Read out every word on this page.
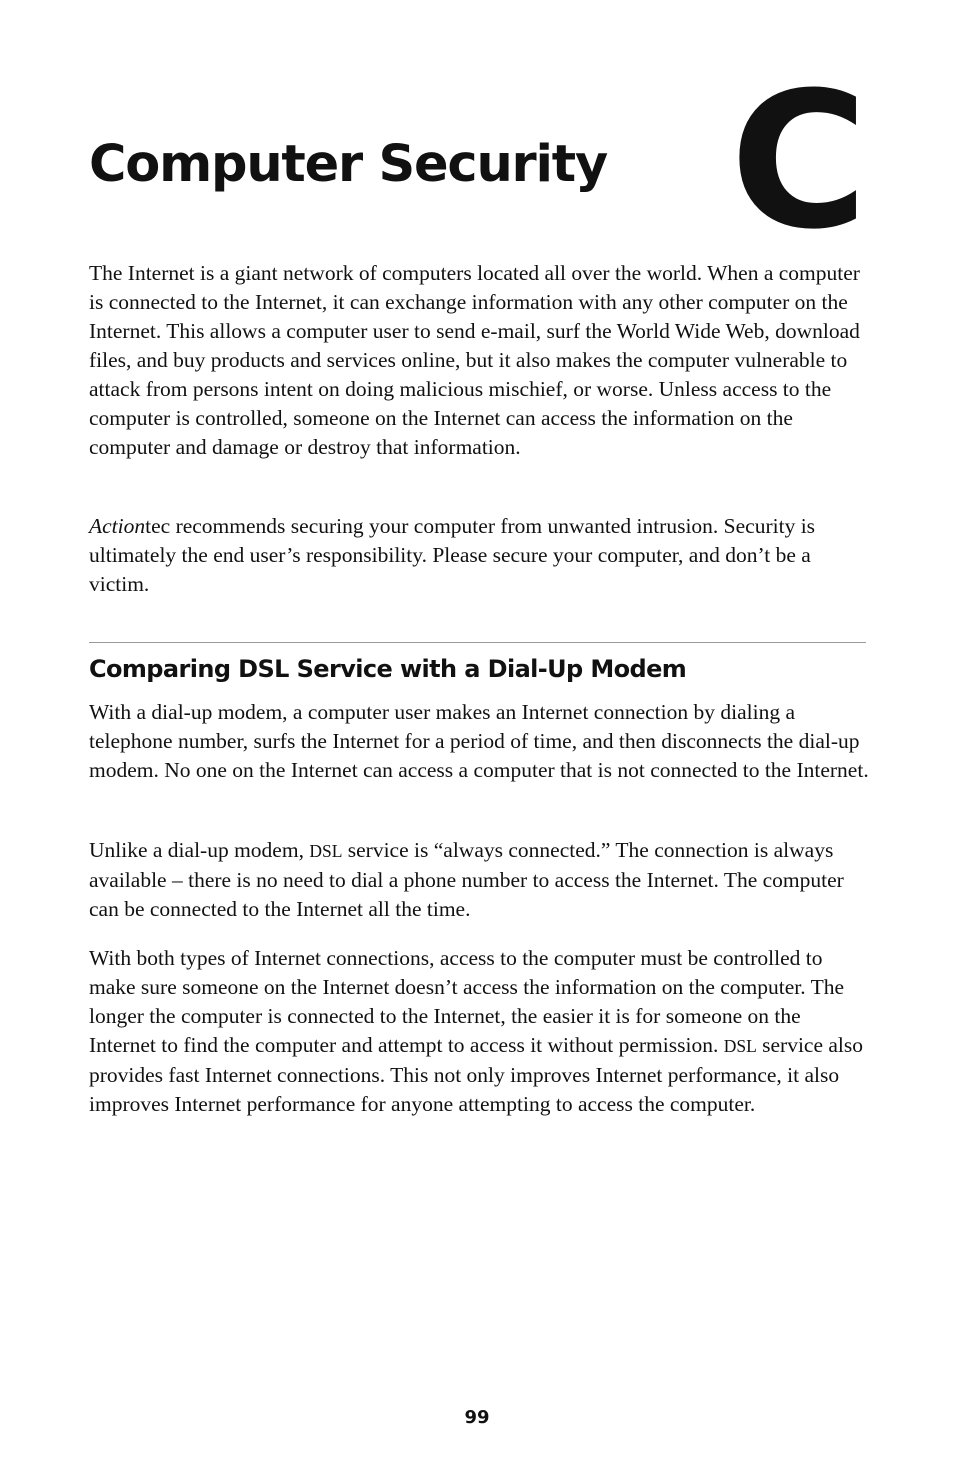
Computer Security C

The Internet is a giant network of computers located all over the world. When a computer is connected to the Internet, it can exchange information with any other computer on the Internet. This allows a computer user to send e-mail, surf the World Wide Web, download files, and buy products and services online, but it also makes the computer vulnerable to attack from persons intent on doing malicious mischief, or worse. Unless access to the computer is controlled, someone on the Internet can access the information on the computer and damage or destroy that information.

Actiontec recommends securing your computer from unwanted intrusion. Security is ultimately the end user’s responsibility. Please secure your computer, and don’t be a victim.

Comparing DSL Service with a Dial-Up Modem

With a dial-up modem, a computer user makes an Internet connection by dialing a telephone number, surfs the Internet for a period of time, and then disconnects the dial-up modem. No one on the Internet can access a computer that is not connected to the Internet.

Unlike a dial-up modem, DSL service is “always connected.” The connection is always available – there is no need to dial a phone number to access the Internet. The computer can be connected to the Internet all the time.

With both types of Internet connections, access to the computer must be controlled to make sure someone on the Internet doesn’t access the information on the computer. The longer the computer is connected to the Internet, the easier it is for someone on the Internet to find the computer and attempt to access it without permission. DSL service also provides fast Internet connections. This not only improves Internet performance, it also improves Internet performance for anyone attempting to access the computer.

99
